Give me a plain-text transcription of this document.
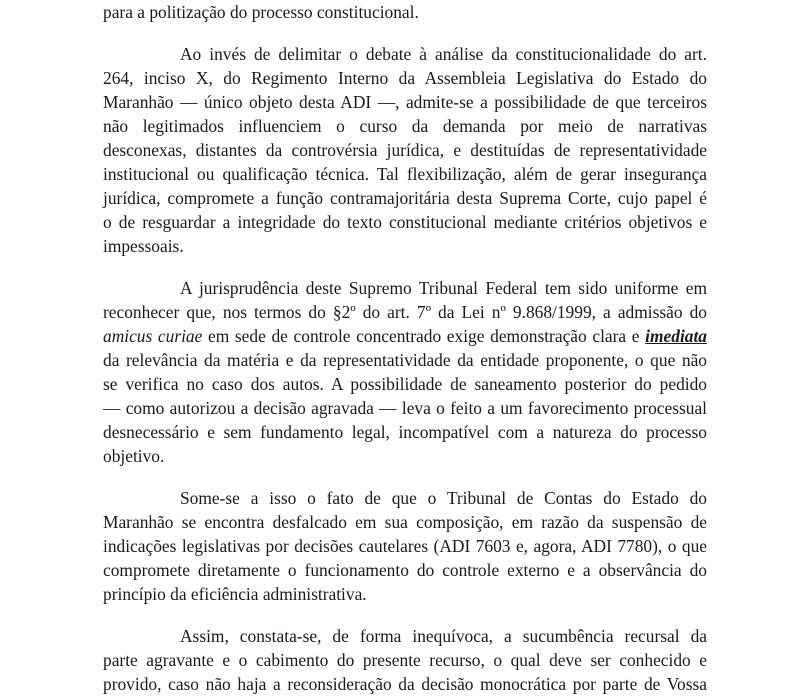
para a politização do processo constitucional.
Ao invés de delimitar o debate à análise da constitucionalidade do art.
264, inciso X, do Regimento Interno da Assembleia Legislativa do Estado do
Maranhão — único objeto desta ADI —, admite-se a possibilidade de que terceiros
não legitimados influenciem o curso da demanda por meio de narrativas
desconexas, distantes da controvérsia jurídica, e destituídas de representatividade
institucional ou qualificação técnica. Tal flexibilização, além de gerar insegurança
jurídica, compromete a função contramajoritária desta Suprema Corte, cujo papel é
o de resguardar a integridade do texto constitucional mediante critérios objetivos e
impessoais.
A jurisprudência deste Supremo Tribunal Federal tem sido uniforme em
reconhecer que, nos termos do §2º do art. 7º da Lei nº 9.868/1999, a admissão do
amicus curiae em sede de controle concentrado exige demonstração clara e imediata
da relevância da matéria e da representatividade da entidade proponente, o que não
se verifica no caso dos autos. A possibilidade de saneamento posterior do pedido
— como autorizou a decisão agravada — leva o feito a um favorecimento processual
desnecessário e sem fundamento legal, incompatível com a natureza do processo
objetivo.
Some-se a isso o fato de que o Tribunal de Contas do Estado do
Maranhão se encontra desfalcado em sua composição, em razão da suspensão de
indicações legislativas por decisões cautelares (ADI 7603 e, agora, ADI 7780), o que
compromete diretamente o funcionamento do controle externo e a observância do
princípio da eficiência administrativa.
Assim, constata-se, de forma inequívoca, a sucumbência recursal da
parte agravante e o cabimento do presente recurso, o qual deve ser conhecido e
provido, caso não haja a reconsideração da decisão monocrática por parte de Vossa
